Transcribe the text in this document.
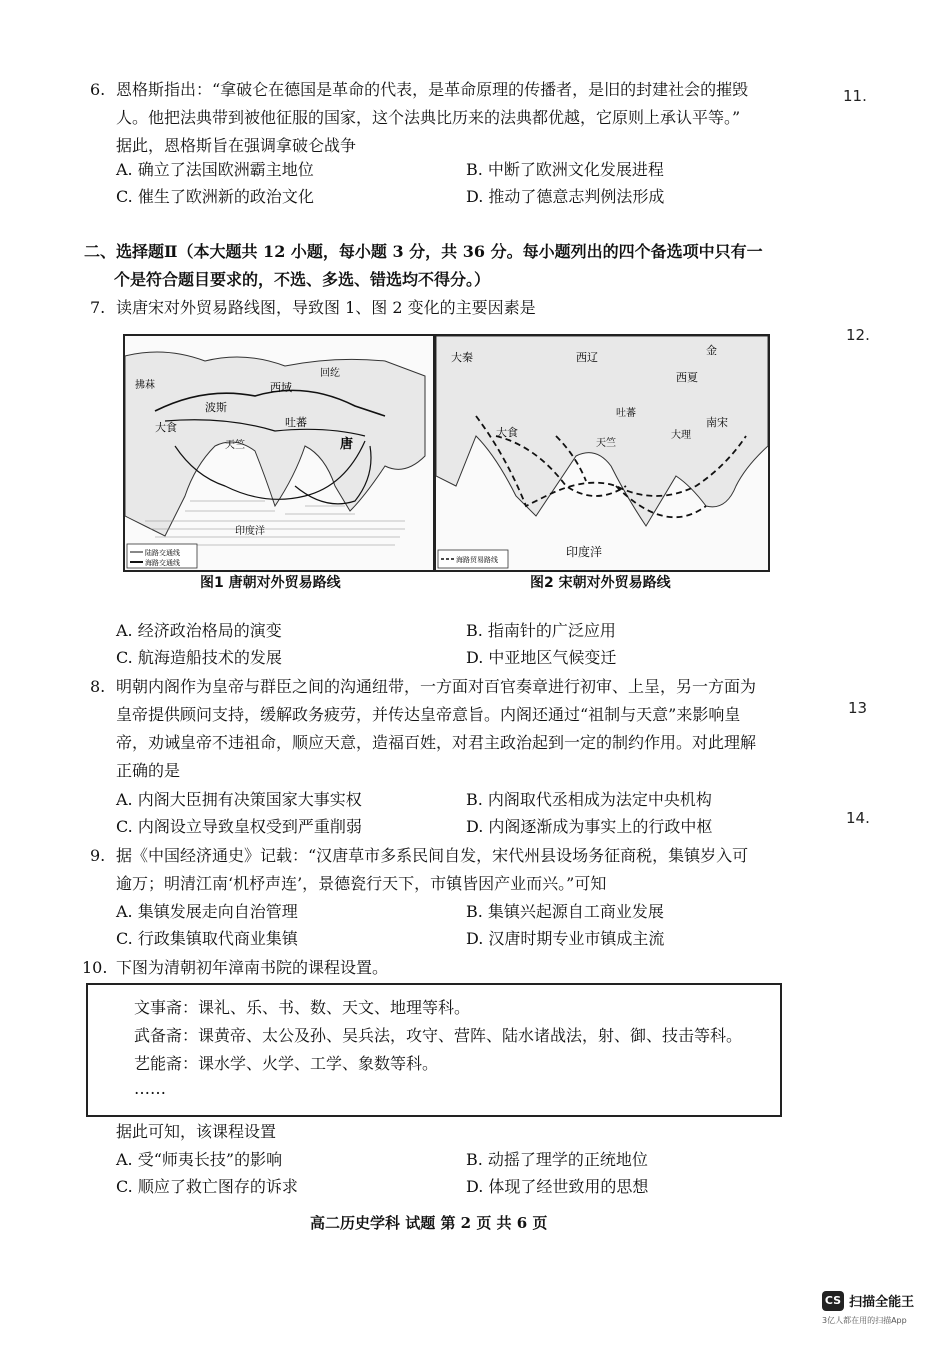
11.
12.
13
14.
6. 恩格斯指出：“拿破仑在德国是革命的代表，是革命原理的传播者，是旧的封建社会的摧毁
人。他把法典带到被他征服的国家，这个法典比历来的法典都优越，它原则上承认平等。”
据此，恩格斯旨在强调拿破仑战争
A. 确立了法国欧洲霸主地位	B. 中断了欧洲文化发展进程
C. 催生了欧洲新的政治文化	D. 推动了德意志判例法形成
二、选择题Ⅱ（本大题共 12 小题，每小题 3 分，共 36 分。每小题列出的四个备选项中只有一
个是符合题目要求的，不选、多选、错选均不得分。）
7. 读唐宋对外贸易路线图，导致图 1、图 2 变化的主要因素是
拂菻
大食
波斯
吐蕃
西域
回纥
天竺	唐
印度洋
陆路交通线
海路交通线
图1 唐朝对外贸易路线
大秦
大食
西辽
西夏
金
吐蕃
大理
南宋
天竺
印度洋
海路贸易路线
图2 宋朝对外贸易路线
A. 经济政治格局的演变	B. 指南针的广泛应用
C. 航海造船技术的发展	D. 中亚地区气候变迁
8. 明朝内阁作为皇帝与群臣之间的沟通纽带，一方面对百官奏章进行初审、上呈，另一方面为
皇帝提供顾问支持，缓解政务疲劳，并传达皇帝意旨。内阁还通过“祖制与天意”来影响皇
帝，劝诫皇帝不违祖命，顺应天意，造福百姓，对君主政治起到一定的制约作用。对此理解
正确的是
A. 内阁大臣拥有决策国家大事实权	B. 内阁取代丞相成为法定中央机构
C. 内阁设立导致皇权受到严重削弱	D. 内阁逐渐成为事实上的行政中枢
9. 据《中国经济通史》记载：“汉唐草市多系民间自发，宋代州县设场务征商税，集镇岁入可
逾万；明清江南‘机杼声连’，景德瓷行天下，市镇皆因产业而兴。”可知
A. 集镇发展走向自治管理	B. 集镇兴起源自工商业发展
C. 行政集镇取代商业集镇	D. 汉唐时期专业市镇成主流
10. 下图为清朝初年漳南书院的课程设置。
文事斋：课礼、乐、书、数、天文、地理等科。
武备斋：课黄帝、太公及孙、吴兵法，攻守、营阵、陆水诸战法，射、御、技击等科。
艺能斋：课水学、火学、工学、象数等科。
……
据此可知，该课程设置
A. 受“师夷长技”的影响	B. 动摇了理学的正统地位
C. 顺应了救亡图存的诉求	D. 体现了经世致用的思想
高二历史学科 试题 第 2 页 共 6 页
CS 扫描全能王
3亿人都在用的扫描App
